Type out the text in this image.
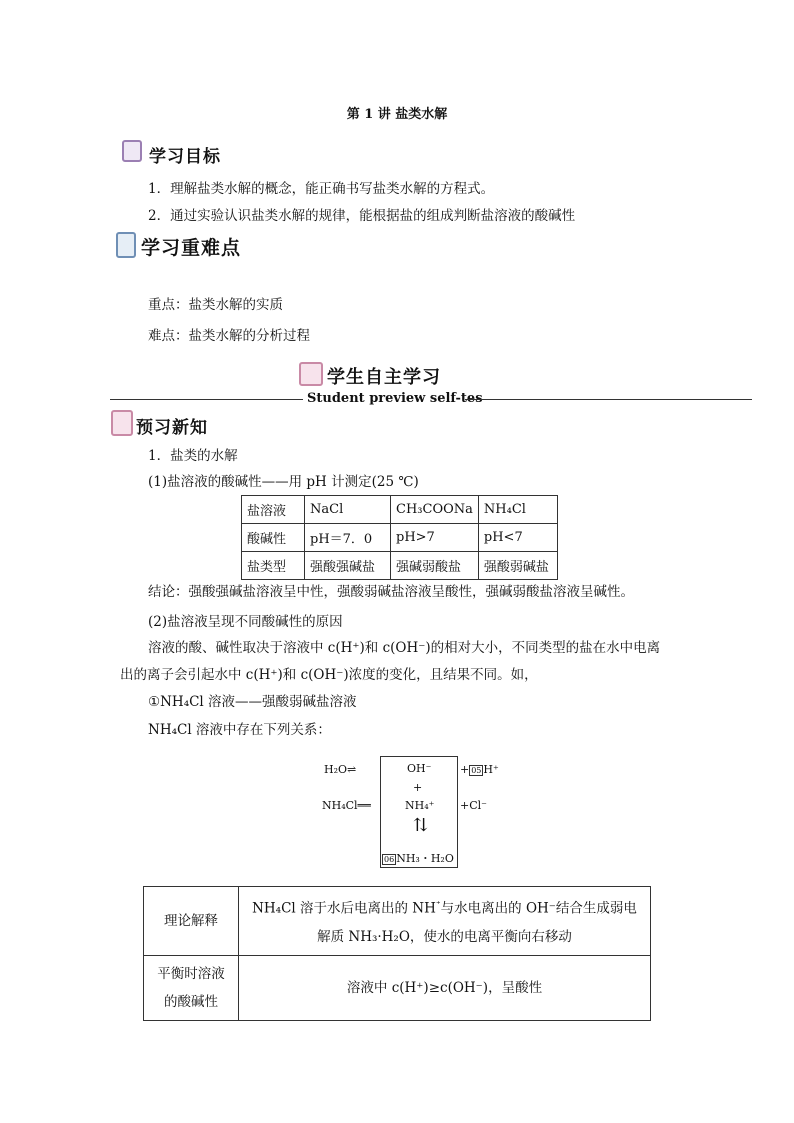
第 1 讲 盐类水解
学习目标
1．理解盐类水解的概念，能正确书写盐类水解的方程式。
2．通过实验认识盐类水解的规律，能根据盐的组成判断盐溶液的酸碱性
学习重难点
重点：盐类水解的实质
难点：盐类水解的分析过程
学生自主学习
Student preview self-tes
预习新知
1．盐类的水解
(1)盐溶液的酸碱性——用 pH 计测定(25 ℃)
盐溶液	NaCl	CH₃COONa	NH₄Cl
酸碱性	pH＝7．0	pH>7	pH<7
盐类型	强酸强碱盐	强碱弱酸盐	强酸弱碱盐
结论：强酸强碱盐溶液呈中性，强酸弱碱盐溶液呈酸性，强碱弱酸盐溶液呈碱性。
(2)盐溶液呈现不同酸碱性的原因
溶液的酸、碱性取决于溶液中 c(H⁺)和 c(OH⁻)的相对大小，不同类型的盐在水中电离
出的离子会引起水中 c(H⁺)和 c(OH⁻)浓度的变化，且结果不同。如，
①NH₄Cl 溶液——强酸弱碱盐溶液
NH₄Cl 溶液中存在下列关系：
H₂O⇌
NH₄Cl══
OH⁻
+
NH₄⁺
⇅
+ 05 H⁺
+Cl⁻
06 NH₃・H₂O
理论解释	NH₄Cl 溶于水后电离出的 NH⁺与水电离出的 OH⁻结合生成弱电
解质 NH₃·H₂O，使水的电离平衡向右移动

平衡时溶液
的酸碱性	溶液中 c(H⁺)≥c(OH⁻)，呈酸性
